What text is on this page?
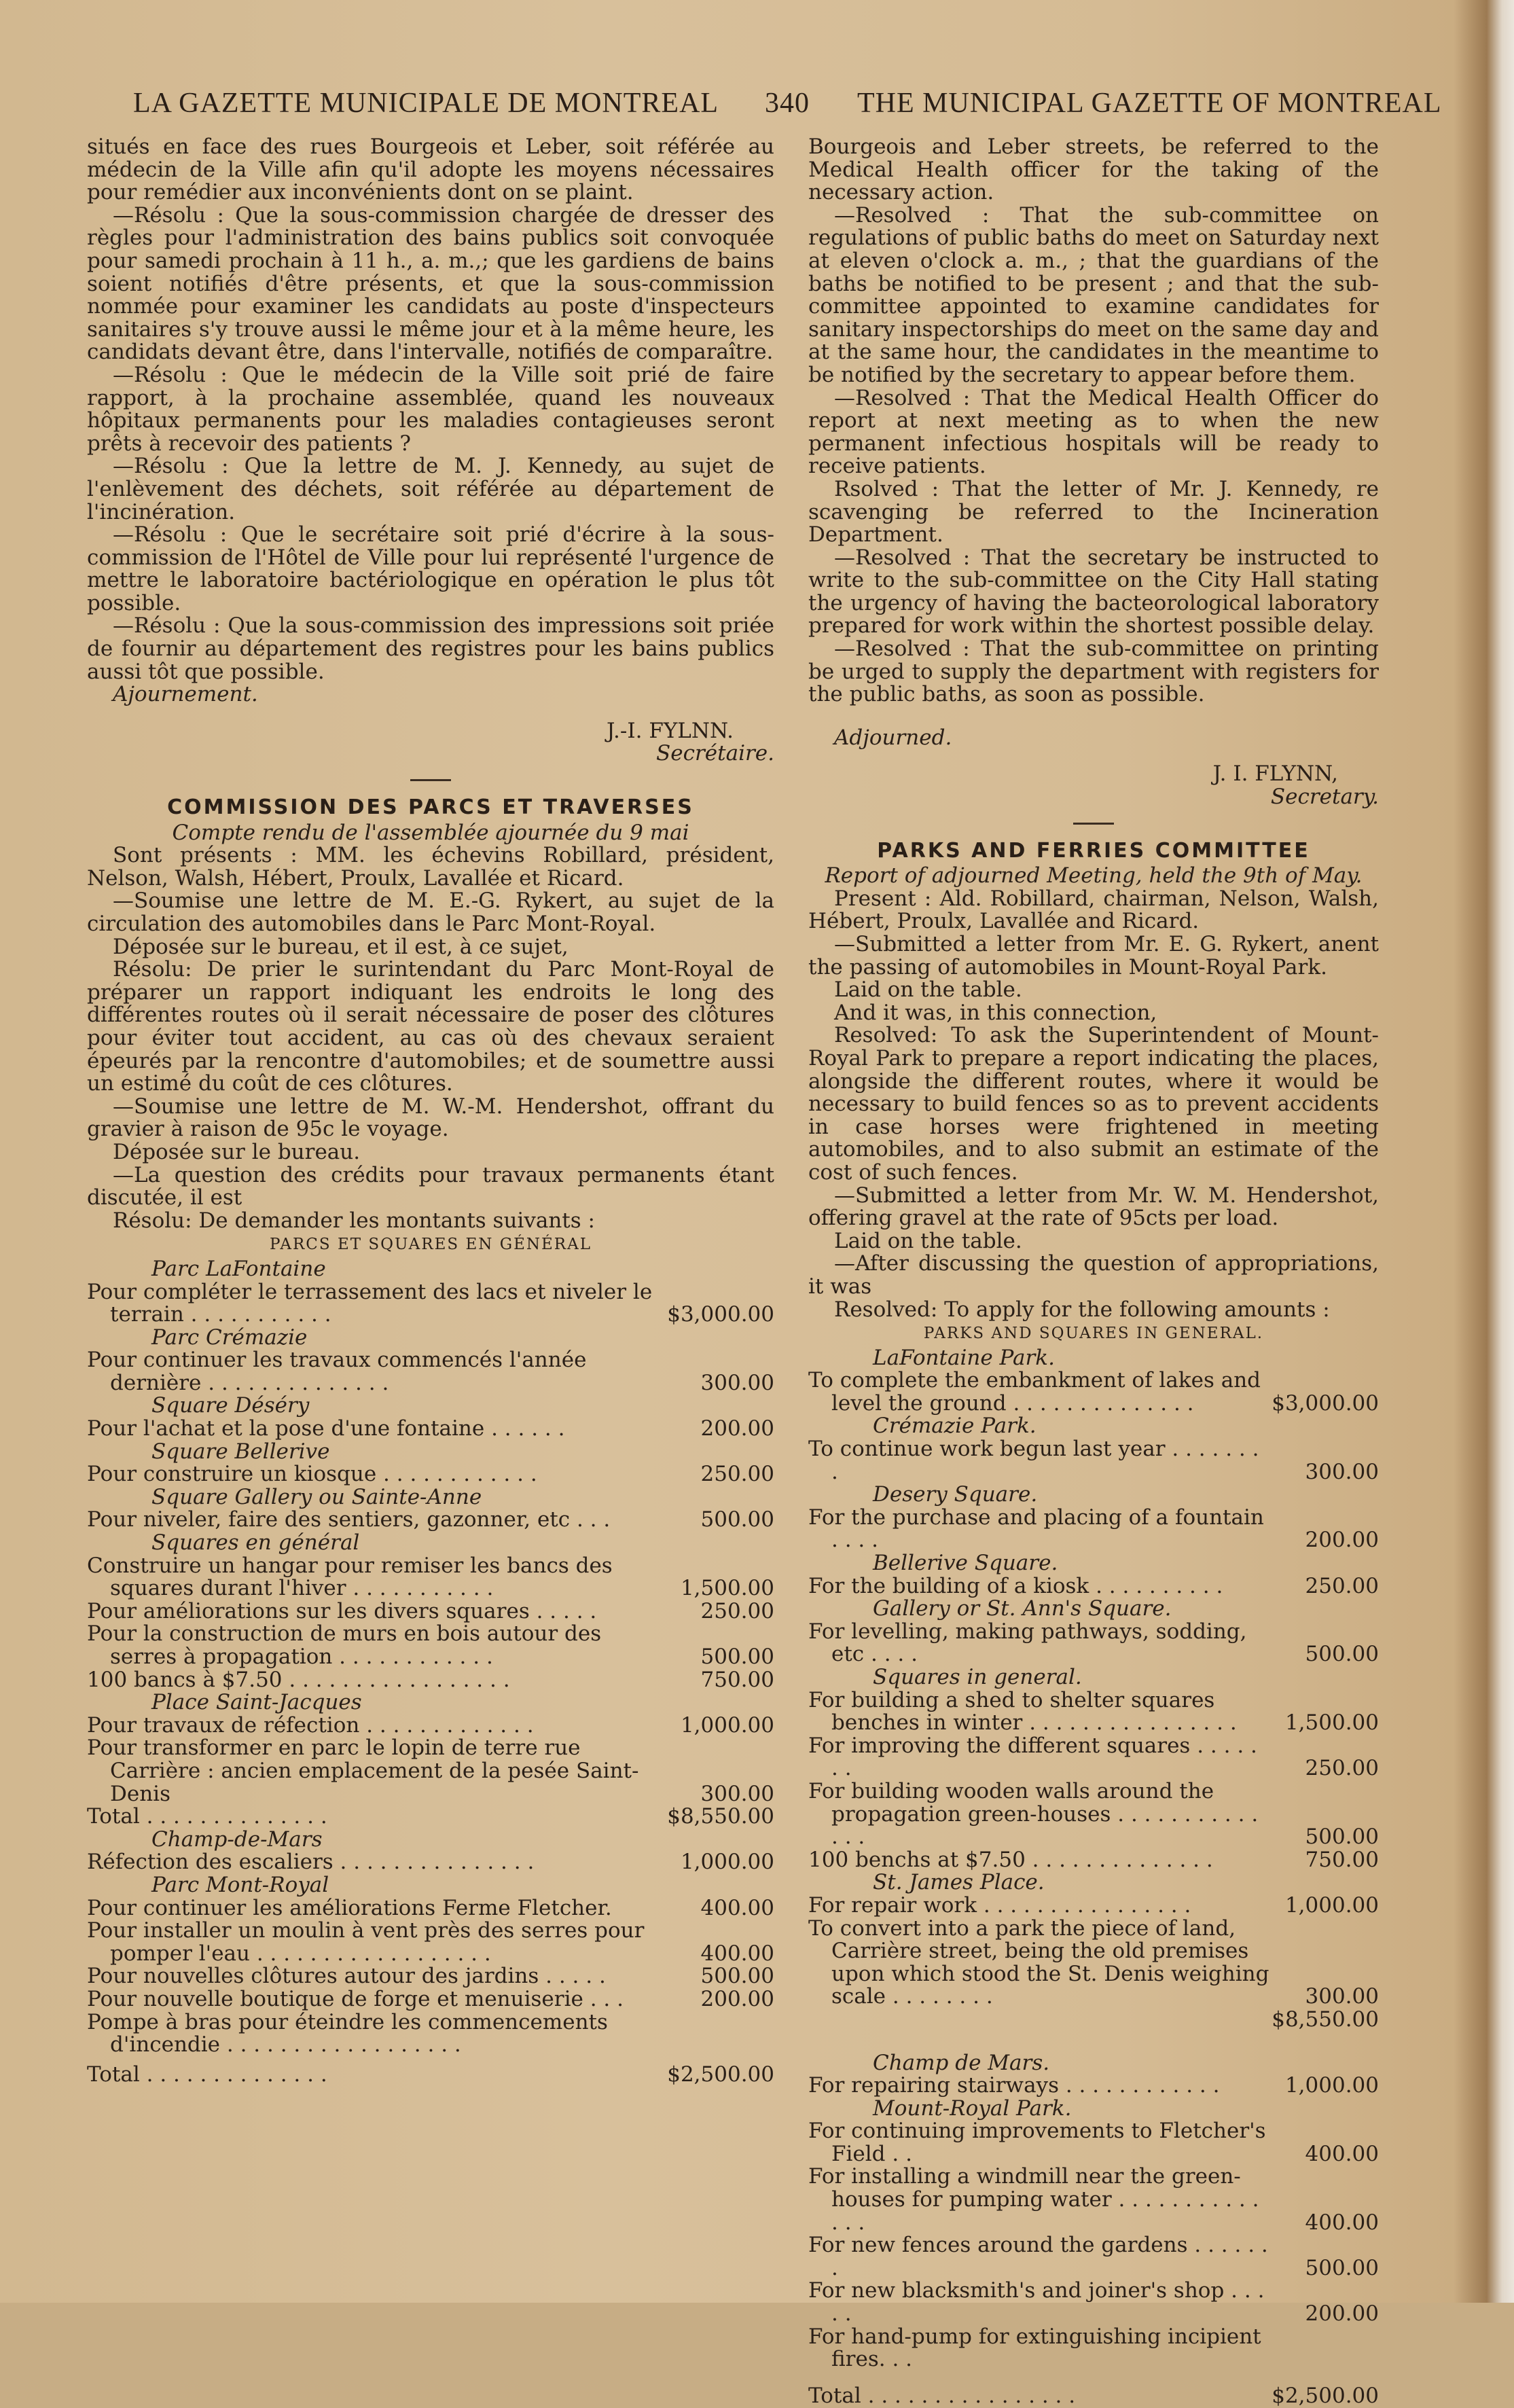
LA GAZETTE MUNICIPALE DE MONTREAL 340 THE MUNICIPAL GAZETTE OF MONTREAL

situés en face des rues Bourgeois et Leber, soit référée au médecin de la Ville afin qu'il adopte les moyens nécessaires pour remédier aux inconvénients dont on se plaint.

—Résolu : Que la sous-commission chargée de dresser des règles pour l'administration des bains publics soit convoquée pour samedi prochain à 11 h., a. m.,; que les gardiens de bains soient notifiés d'être présents, et que la sous-commission nommée pour examiner les candidats au poste d'inspecteurs sanitaires s'y trouve aussi le même jour et à la même heure, les candidats devant être, dans l'intervalle, notifiés de comparaître.

—Résolu : Que le médecin de la Ville soit prié de faire rapport, à la prochaine assemblée, quand les nouveaux hôpitaux permanents pour les maladies contagieuses seront prêts à recevoir des patients ?

—Résolu : Que la lettre de M. J. Kennedy, au sujet de l'enlèvement des déchets, soit référée au département de l'incinération.

—Résolu : Que le secrétaire soit prié d'écrire à la sous-commission de l'Hôtel de Ville pour lui représenté l'urgence de mettre le laboratoire bactériologique en opération le plus tôt possible.

—Résolu : Que la sous-commission des impressions soit priée de fournir au département des registres pour les bains publics aussi tôt que possible.

Ajournement.

J.-I. FYLNN.
Secrétaire.
COMMISSION DES PARCS ET TRAVERSES
Compte rendu de l'assemblée ajournée du 9 mai

Sont présents : MM. les échevins Robillard, président, Nelson, Walsh, Hébert, Proulx, Lavallée et Ricard.

—Soumise une lettre de M. E.-G. Rykert, au sujet de la circulation des automobiles dans le Parc Mont-Royal.

Déposée sur le bureau, et il est, à ce sujet,

Résolu: De prier le surintendant du Parc Mont-Royal de préparer un rapport indiquant les endroits le long des différentes routes où il serait nécessaire de poser des clôtures pour éviter tout accident, au cas où des chevaux seraient épeurés par la rencontre d'automobiles; et de soumettre aussi un estimé du coût de ces clôtures.

—Soumise une lettre de M. W.-M. Hendershot, offrant du gravier à raison de 95c le voyage.

Déposée sur le bureau.

—La question des crédits pour travaux permanents étant discutée, il est

Résolu: De demander les montants suivants :

PARCS ET SQUARES EN GÉNÉRAL
Parc LaFontaine
Pour compléter le terrassement des lacs et niveler le terrain . . . . . . . . . . .	$3,000.00
Parc Crémazie
Pour continuer les travaux commencés l'année dernière . . . . . . . . . . . . . .	300.00
Square Déséry
Pour l'achat et la pose d'une fontaine . . . . . .	200.00
Square Bellerive
Pour construire un kiosque . . . . . . . . . . . .	250.00
Square Gallery ou Sainte-Anne
Pour niveler, faire des sentiers, gazonner, etc . . .	500.00
Squares en général
Construire un hangar pour remiser les bancs des squares durant l'hiver . . . . . . . . . . .	1,500.00
Pour améliorations sur les divers squares . . . . .	250.00
Pour la construction de murs en bois autour des serres à propagation . . . . . . . . . . . .	500.00
100 bancs à $7.50 . . . . . . . . . . . . . . . . .	750.00
Place Saint-Jacques
Pour travaux de réfection . . . . . . . . . . . . .	1,000.00
Pour transformer en parc le lopin de terre rue Carrière : ancien emplacement de la pesée Saint-Denis	300.00
Total . . . . . . . . . . . . . .	$8,550.00
Champ-de-Mars
Réfection des escaliers . . . . . . . . . . . . . . .	1,000.00
Parc Mont-Royal
Pour continuer les améliorations Ferme Fletcher.	400.00
Pour installer un moulin à vent près des serres pour pomper l'eau . . . . . . . . . . . . . . . . . .	400.00
Pour nouvelles clôtures autour des jardins . . . . .	500.00
Pour nouvelle boutique de forge et menuiserie . . .	200.00
Pompe à bras pour éteindre les commencements d'incendie . . . . . . . . . . . . . . . . . .
Total . . . . . . . . . . . . . .	$2,500.00

Bourgeois and Leber streets, be referred to the Medical Health officer for the taking of the necessary action.

—Resolved : That the sub-committee on regulations of public baths do meet on Saturday next at eleven o'clock a. m., ; that the guardians of the baths be notified to be present ; and that the sub-committee appointed to examine candidates for sanitary inspectorships do meet on the same day and at the same hour, the candidates in the meantime to be notified by the secretary to appear before them.

—Resolved : That the Medical Health Officer do report at next meeting as to when the new permanent infectious hospitals will be ready to receive patients.

Rsolved : That the letter of Mr. J. Kennedy, re scavenging be referred to the Incineration Department.

—Resolved : That the secretary be instructed to write to the sub-committee on the City Hall stating the urgency of having the bacteorological laboratory prepared for work within the shortest possible delay.

—Resolved : That the sub-committee on printing be urged to supply the department with registers for the public baths, as soon as possible.

Adjourned.

J. I. FLYNN,
Secretary.
PARKS AND FERRIES COMMITTEE
Report of adjourned Meeting, held the 9th of May.

Present : Ald. Robillard, chairman, Nelson, Walsh, Hébert, Proulx, Lavallée and Ricard.

—Submitted a letter from Mr. E. G. Rykert, anent the passing of automobiles in Mount-Royal Park.

Laid on the table.

And it was, in this connection,

Resolved: To ask the Superintendent of Mount-Royal Park to prepare a report indicating the places, alongside the different routes, where it would be necessary to build fences so as to prevent accidents in case horses were frightened in meeting automobiles, and to also submit an estimate of the cost of such fences.

—Submitted a letter from Mr. W. M. Hendershot, offering gravel at the rate of 95cts per load.

Laid on the table.

—After discussing the question of appropriations, it was

Resolved: To apply for the following amounts :

PARKS AND SQUARES IN GENERAL.
LaFontaine Park.
To complete the embankment of lakes and level the ground . . . . . . . . . . . . . .	$3,000.00
Crémazie Park.
To continue work begun last year . . . . . . . .	300.00
Desery Square.
For the purchase and placing of a fountain . . . .	200.00
Bellerive Square.
For the building of a kiosk . . . . . . . . . .	250.00
Gallery or St. Ann's Square.
For levelling, making pathways, sodding, etc . . . .	500.00
Squares in general.
For building a shed to shelter squares benches in winter . . . . . . . . . . . . . . . .	1,500.00
For improving the different squares . . . . . . .	250.00
For building wooden walls around the propagation green-houses . . . . . . . . . . . . . .	500.00
100 benchs at $7.50 . . . . . . . . . . . . . .	750.00
St. James Place.
For repair work . . . . . . . . . . . . . . . .	1,000.00
To convert into a park the piece of land, Carrière street, being the old premises upon which stood the St. Denis weighing scale . . . . . . . .	300.00
$8,550.00
Champ de Mars.
For repairing stairways . . . . . . . . . . . .	1,000.00
Mount-Royal Park.
For continuing improvements to Fletcher's Field . .	400.00
For installing a windmill near the green-houses for pumping water . . . . . . . . . . . . . .	400.00
For new fences around the gardens . . . . . . .	500.00
For new blacksmith's and joiner's shop . . . . .	200.00
For hand-pump for extinguishing incipient fires. . .
Total . . . . . . . . . . . . . . . .	$2,500.00
